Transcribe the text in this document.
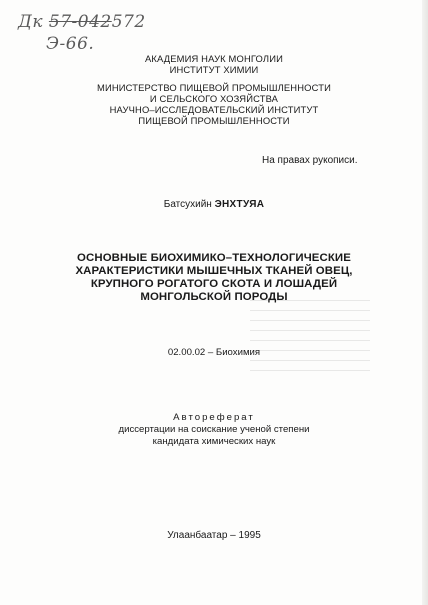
Дк 57-042572
Э-66.
АКАДЕМИЯ НАУК МОНГОЛИИ
ИНСТИТУТ ХИМИИ
МИНИСТЕРСТВО ПИЩЕВОЙ ПРОМЫШЛЕННОСТИ
И СЕЛЬСКОГО ХОЗЯЙСТВА
НАУЧНО–ИССЛЕДОВАТЕЛЬСКИЙ ИНСТИТУТ
ПИЩЕВОЙ ПРОМЫШЛЕННОСТИ
На правах рукописи.
Батсухийн ЭНХТУЯА
ОСНОВНЫЕ БИОХИМИКО–ТЕХНОЛОГИЧЕСКИЕ
ХАРАКТЕРИСТИКИ МЫШЕЧНЫХ ТКАНЕЙ ОВЕЦ,
КРУПНОГО РОГАТОГО СКОТА И ЛОШАДЕЙ
МОНГОЛЬСКОЙ ПОРОДЫ
02.00.02 – Биохимия
Автореферат
диссертации на соискание ученой степени
кандидата химических наук
Улаанбаатар – 1995
